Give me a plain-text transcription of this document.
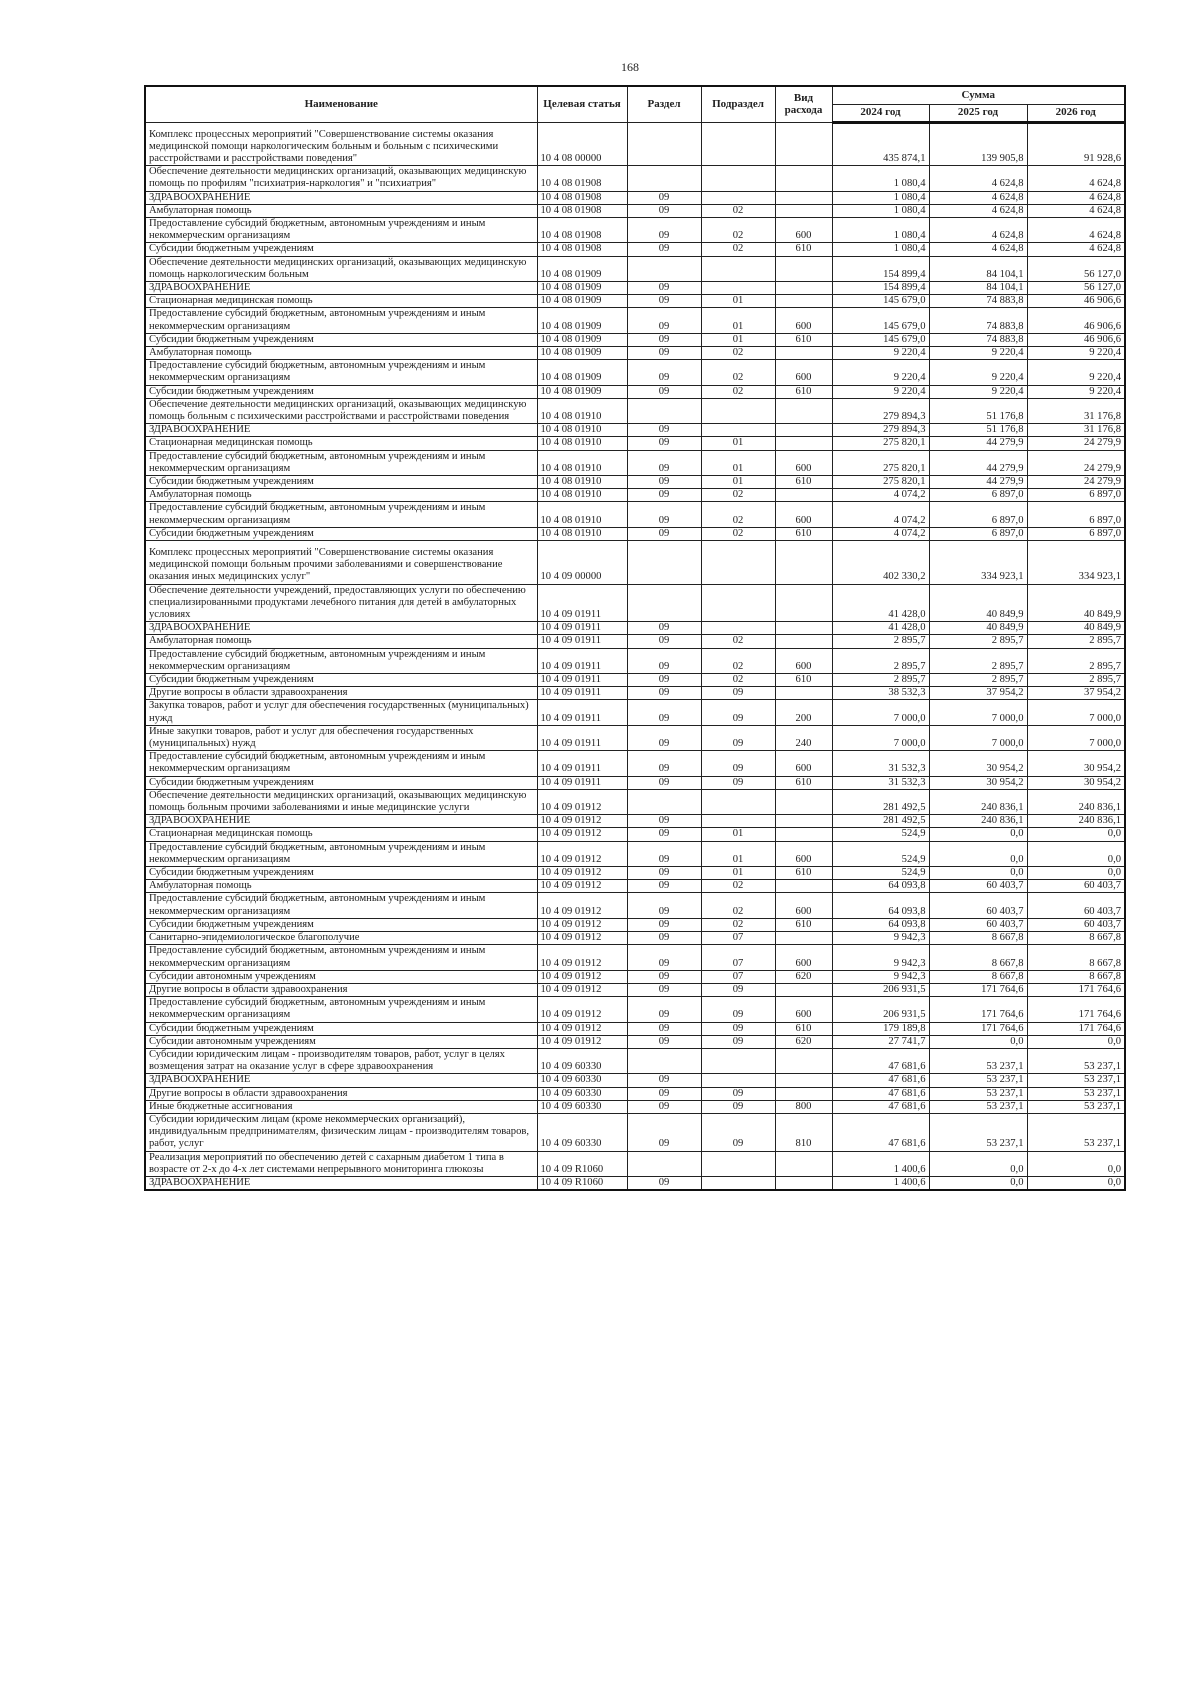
168
Наименование	Целевая статья	Раздел	Подраздел	Вид расхода	Сумма		
					2024 год	2025 год	2026 год
Комплекс процессных мероприятий "Совершенствование системы оказания медицинской помощи наркологическим больным и больным с психическими расстройствами и расстройствами поведения"	10 4 08 00000				435 874,1	139 905,8	91 928,6
Обеспечение деятельности медицинских организаций, оказывающих медицинскую помощь по профилям "психиатрия-наркология" и "психиатрия"	10 4 08 01908				1 080,4	4 624,8	4 624,8
ЗДРАВООХРАНЕНИЕ	10 4 08 01908	09			1 080,4	4 624,8	4 624,8
Амбулаторная помощь	10 4 08 01908	09	02		1 080,4	4 624,8	4 624,8
Предоставление субсидий бюджетным, автономным учреждениям и иным некоммерческим организациям	10 4 08 01908	09	02	600	1 080,4	4 624,8	4 624,8
Субсидии бюджетным учреждениям	10 4 08 01908	09	02	610	1 080,4	4 624,8	4 624,8
Обеспечение деятельности медицинских организаций, оказывающих медицинскую помощь наркологическим больным	10 4 08 01909				154 899,4	84 104,1	56 127,0
ЗДРАВООХРАНЕНИЕ	10 4 08 01909	09			154 899,4	84 104,1	56 127,0
Стационарная медицинская помощь	10 4 08 01909	09	01		145 679,0	74 883,8	46 906,6
Предоставление субсидий бюджетным, автономным учреждениям и иным некоммерческим организациям	10 4 08 01909	09	01	600	145 679,0	74 883,8	46 906,6
Субсидии бюджетным учреждениям	10 4 08 01909	09	01	610	145 679,0	74 883,8	46 906,6
Амбулаторная помощь	10 4 08 01909	09	02		9 220,4	9 220,4	9 220,4
Предоставление субсидий бюджетным, автономным учреждениям и иным некоммерческим организациям	10 4 08 01909	09	02	600	9 220,4	9 220,4	9 220,4
Субсидии бюджетным учреждениям	10 4 08 01909	09	02	610	9 220,4	9 220,4	9 220,4
Обеспечение деятельности медицинских организаций, оказывающих медицинскую помощь больным с психическими расстройствами и расстройствами поведения	10 4 08 01910				279 894,3	51 176,8	31 176,8
ЗДРАВООХРАНЕНИЕ	10 4 08 01910	09			279 894,3	51 176,8	31 176,8
Стационарная медицинская помощь	10 4 08 01910	09	01		275 820,1	44 279,9	24 279,9
Предоставление субсидий бюджетным, автономным учреждениям и иным некоммерческим организациям	10 4 08 01910	09	01	600	275 820,1	44 279,9	24 279,9
Субсидии бюджетным учреждениям	10 4 08 01910	09	01	610	275 820,1	44 279,9	24 279,9
Амбулаторная помощь	10 4 08 01910	09	02		4 074,2	6 897,0	6 897,0
Предоставление субсидий бюджетным, автономным учреждениям и иным некоммерческим организациям	10 4 08 01910	09	02	600	4 074,2	6 897,0	6 897,0
Субсидии бюджетным учреждениям	10 4 08 01910	09	02	610	4 074,2	6 897,0	6 897,0
Комплекс процессных мероприятий "Совершенствование системы оказания медицинской помощи больным прочими заболеваниями и совершенствование оказания иных медицинских услуг"	10 4 09 00000				402 330,2	334 923,1	334 923,1
Обеспечение деятельности учреждений, предоставляющих услуги по обеспечению специализированными продуктами лечебного питания для детей в амбулаторных условиях	10 4 09 01911				41 428,0	40 849,9	40 849,9
ЗДРАВООХРАНЕНИЕ	10 4 09 01911	09			41 428,0	40 849,9	40 849,9
Амбулаторная помощь	10 4 09 01911	09	02		2 895,7	2 895,7	2 895,7
Предоставление субсидий бюджетным, автономным учреждениям и иным некоммерческим организациям	10 4 09 01911	09	02	600	2 895,7	2 895,7	2 895,7
Субсидии бюджетным учреждениям	10 4 09 01911	09	02	610	2 895,7	2 895,7	2 895,7
Другие вопросы в области здравоохранения	10 4 09 01911	09	09		38 532,3	37 954,2	37 954,2
Закупка товаров, работ и услуг для обеспечения государственных (муниципальных) нужд	10 4 09 01911	09	09	200	7 000,0	7 000,0	7 000,0
Иные закупки товаров, работ и услуг для обеспечения государственных (муниципальных) нужд	10 4 09 01911	09	09	240	7 000,0	7 000,0	7 000,0
Предоставление субсидий бюджетным, автономным учреждениям и иным некоммерческим организациям	10 4 09 01911	09	09	600	31 532,3	30 954,2	30 954,2
Субсидии бюджетным учреждениям	10 4 09 01911	09	09	610	31 532,3	30 954,2	30 954,2
Обеспечение деятельности медицинских организаций, оказывающих медицинскую помощь больным прочими заболеваниями и иные медицинские услуги	10 4 09 01912				281 492,5	240 836,1	240 836,1
ЗДРАВООХРАНЕНИЕ	10 4 09 01912	09			281 492,5	240 836,1	240 836,1
Стационарная медицинская помощь	10 4 09 01912	09	01		524,9	0,0	0,0
Предоставление субсидий бюджетным, автономным учреждениям и иным некоммерческим организациям	10 4 09 01912	09	01	600	524,9	0,0	0,0
Субсидии бюджетным учреждениям	10 4 09 01912	09	01	610	524,9	0,0	0,0
Амбулаторная помощь	10 4 09 01912	09	02		64 093,8	60 403,7	60 403,7
Предоставление субсидий бюджетным, автономным учреждениям и иным некоммерческим организациям	10 4 09 01912	09	02	600	64 093,8	60 403,7	60 403,7
Субсидии бюджетным учреждениям	10 4 09 01912	09	02	610	64 093,8	60 403,7	60 403,7
Санитарно-эпидемиологическое благополучие	10 4 09 01912	09	07		9 942,3	8 667,8	8 667,8
Предоставление субсидий бюджетным, автономным учреждениям и иным некоммерческим организациям	10 4 09 01912	09	07	600	9 942,3	8 667,8	8 667,8
Субсидии автономным учреждениям	10 4 09 01912	09	07	620	9 942,3	8 667,8	8 667,8
Другие вопросы в области здравоохранения	10 4 09 01912	09	09		206 931,5	171 764,6	171 764,6
Предоставление субсидий бюджетным, автономным учреждениям и иным некоммерческим организациям	10 4 09 01912	09	09	600	206 931,5	171 764,6	171 764,6
Субсидии бюджетным учреждениям	10 4 09 01912	09	09	610	179 189,8	171 764,6	171 764,6
Субсидии автономным учреждениям	10 4 09 01912	09	09	620	27 741,7	0,0	0,0
Субсидии юридическим лицам - производителям товаров, работ, услуг в целях возмещения затрат на оказание услуг в сфере здравоохранения	10 4 09 60330				47 681,6	53 237,1	53 237,1
ЗДРАВООХРАНЕНИЕ	10 4 09 60330	09			47 681,6	53 237,1	53 237,1
Другие вопросы в области здравоохранения	10 4 09 60330	09	09		47 681,6	53 237,1	53 237,1
Иные бюджетные ассигнования	10 4 09 60330	09	09	800	47 681,6	53 237,1	53 237,1
Субсидии юридическим лицам (кроме некоммерческих организаций), индивидуальным предпринимателям, физическим лицам - производителям товаров, работ, услуг	10 4 09 60330	09	09	810	47 681,6	53 237,1	53 237,1
Реализация мероприятий по обеспечению детей с сахарным диабетом 1 типа в возрасте от 2-х до 4-х лет системами непрерывного мониторинга глюкозы	10 4 09 R1060				1 400,6	0,0	0,0
ЗДРАВООХРАНЕНИЕ	10 4 09 R1060	09			1 400,6	0,0	0,0
